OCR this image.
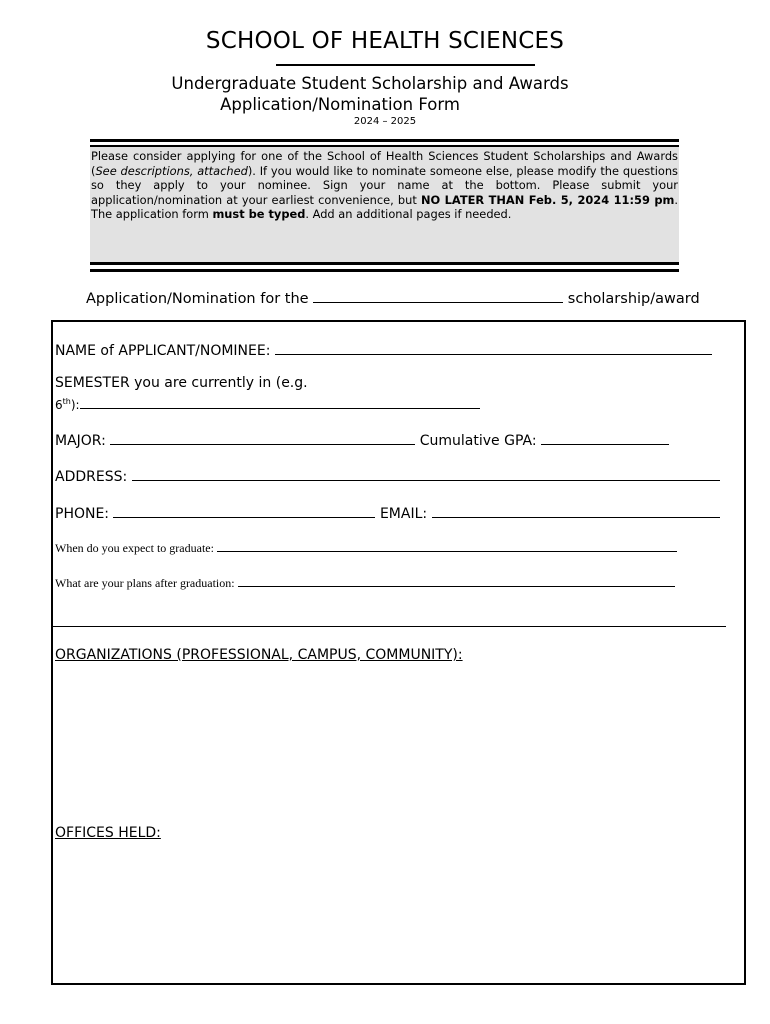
SCHOOL OF HEALTH SCIENCES
Undergraduate Student Scholarship and Awards
Application/Nomination Form
2024 – 2025
Please consider applying for one of the School of Health Sciences Student Scholarships and Awards (See descriptions, attached). If you would like to nominate someone else, please modify the questions so they apply to your nominee. Sign your name at the bottom. Please submit your application/nomination at your earliest convenience, but NO LATER THAN Feb. 5, 2024 11:59 pm. The application form must be typed. Add an additional pages if needed.
Application/Nomination for the	scholarship/award
NAME of APPLICANT/NOMINEE:
SEMESTER you are currently in (e.g.
6th):
MAJOR:	Cumulative GPA:
ADDRESS:
PHONE:	EMAIL:
When do you expect to graduate:
What are your plans after graduation:
ORGANIZATIONS (PROFESSIONAL, CAMPUS, COMMUNITY):
OFFICES HELD:
